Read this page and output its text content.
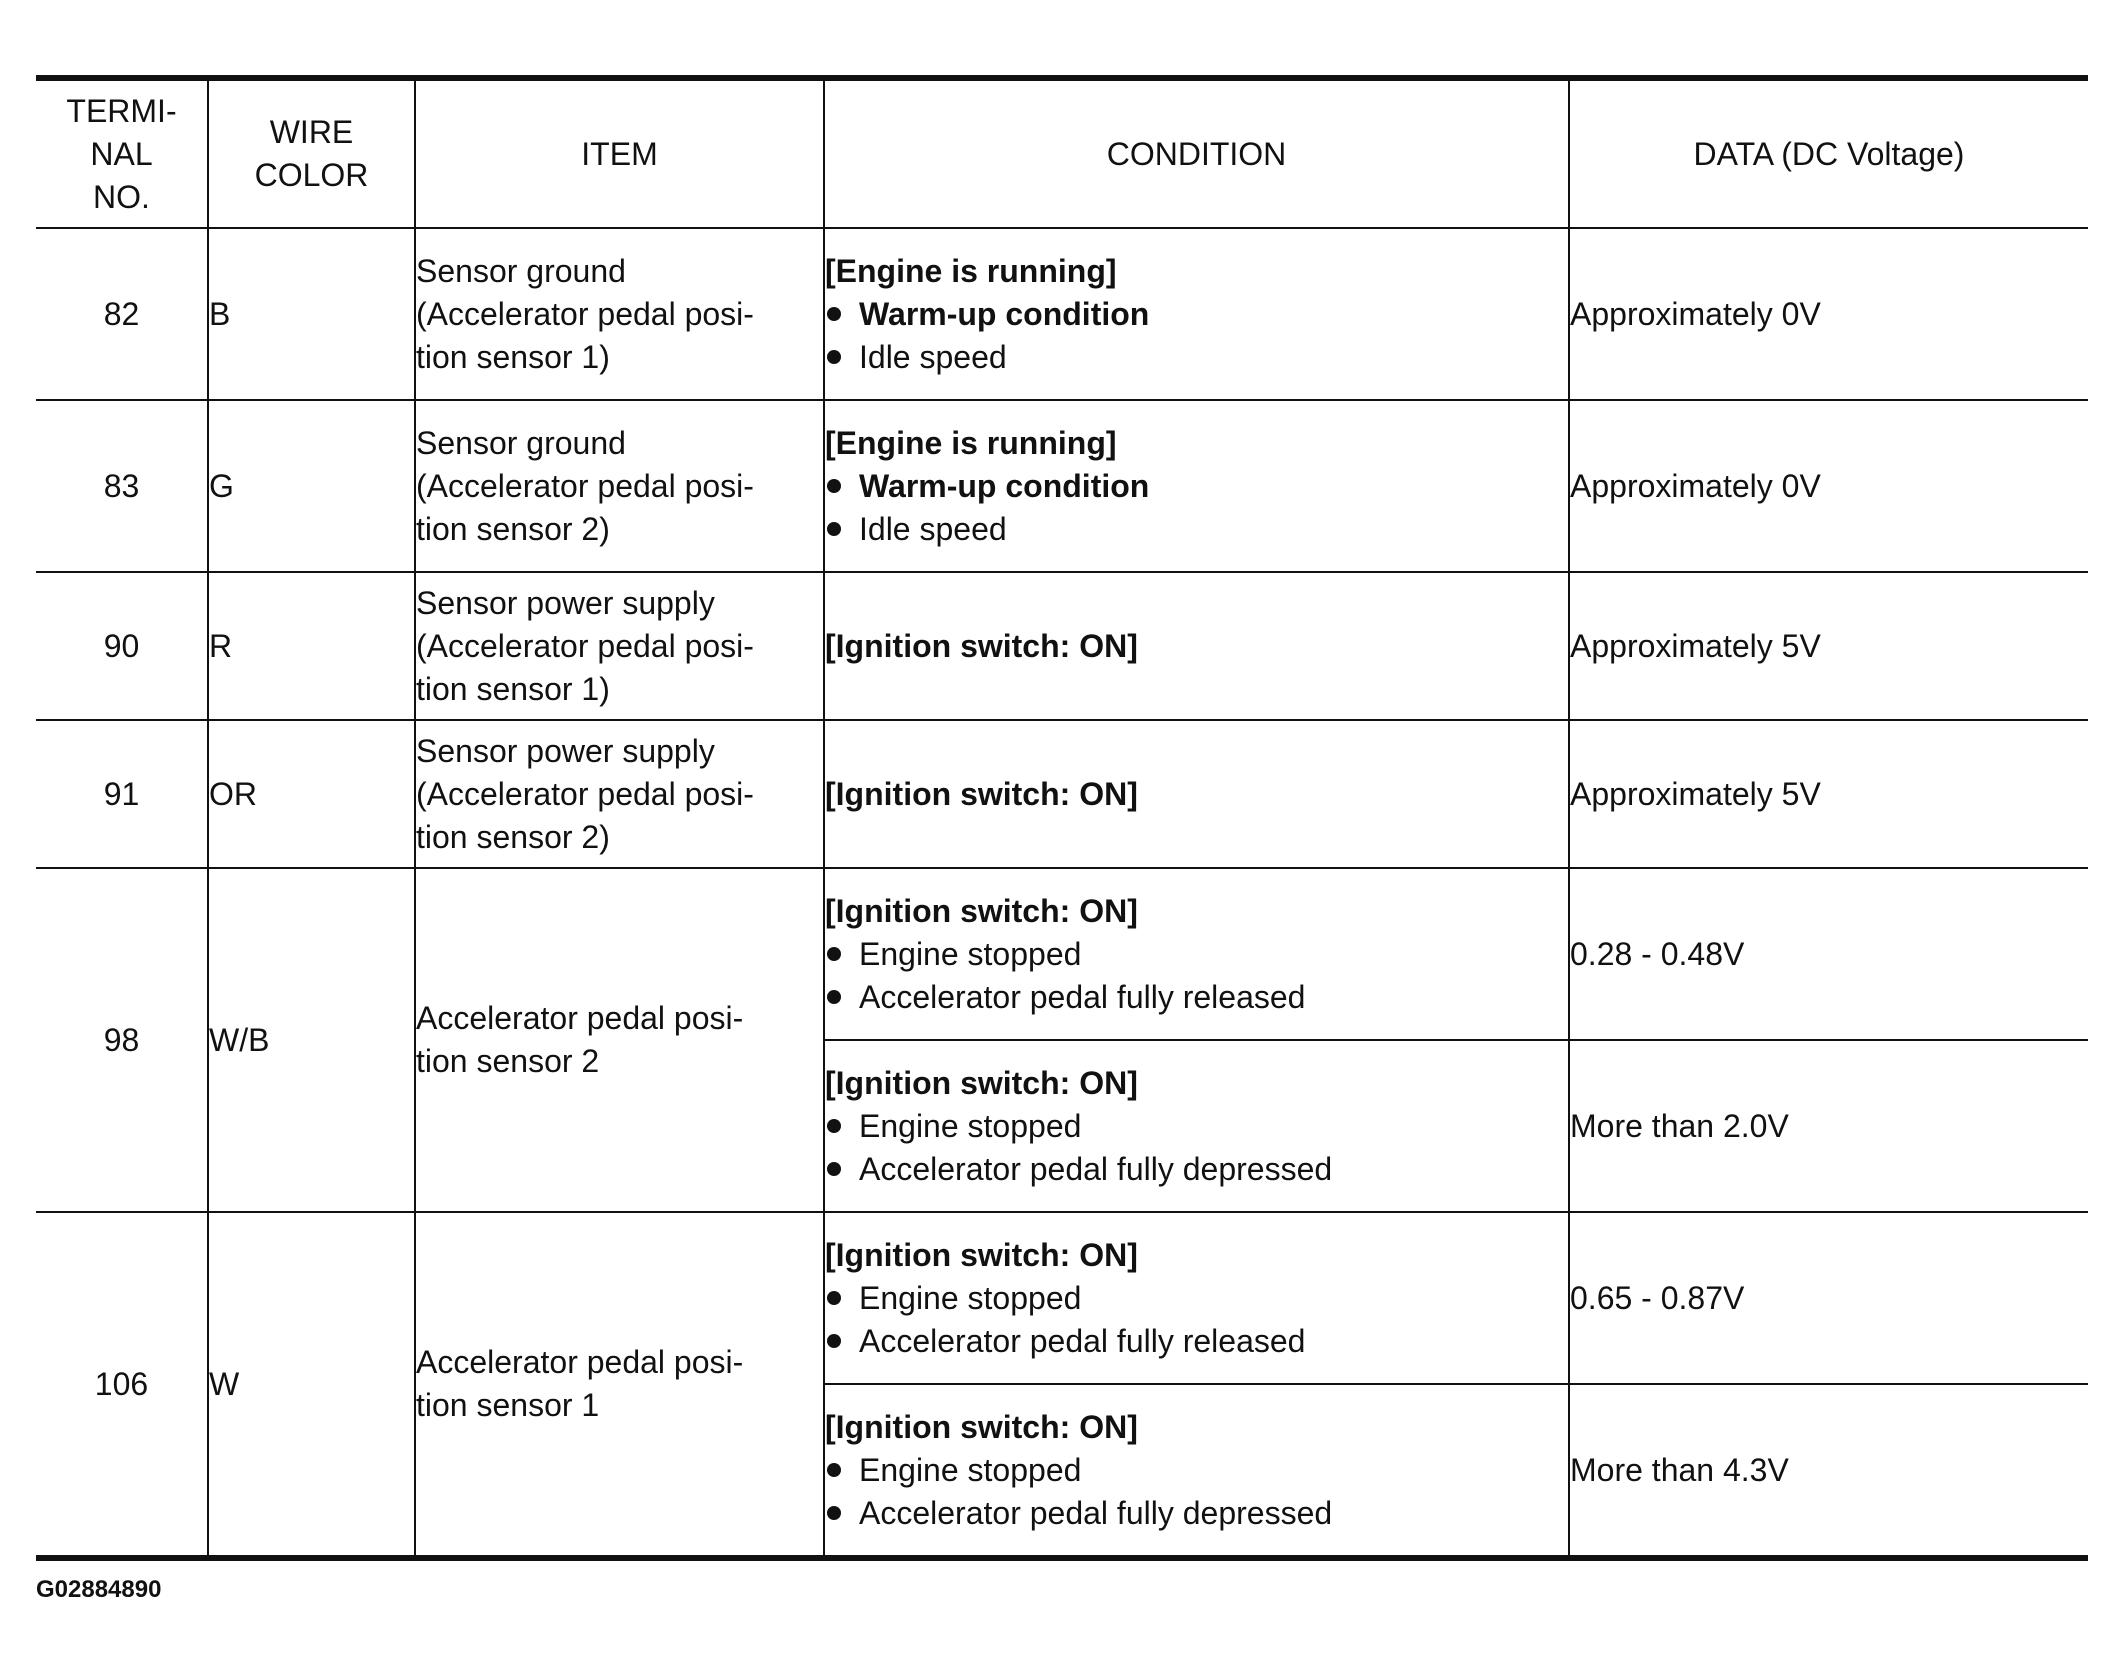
TERMI-
NAL
NO.	WIRE
COLOR	ITEM	CONDITION	DATA (DC Voltage)
82	B	Sensor ground
(Accelerator pedal posi-
tion sensor 1)	[Engine is running]
Warm-up condition
Idle speed	Approximately 0V
83	G	Sensor ground
(Accelerator pedal posi-
tion sensor 2)	[Engine is running]
Warm-up condition
Idle speed	Approximately 0V
90	R	Sensor power supply
(Accelerator pedal posi-
tion sensor 1)	[Ignition switch: ON]	Approximately 5V
91	OR	Sensor power supply
(Accelerator pedal posi-
tion sensor 2)	[Ignition switch: ON]	Approximately 5V
98	W/B	Accelerator pedal posi-
tion sensor 2	[Ignition switch: ON]
Engine stopped
Accelerator pedal fully released	0.28 - 0.48V

			[Ignition switch: ON]
Engine stopped
Accelerator pedal fully depressed	More than 2.0V
106	W	Accelerator pedal posi-
tion sensor 1	[Ignition switch: ON]
Engine stopped
Accelerator pedal fully released	0.65 - 0.87V

			[Ignition switch: ON]
Engine stopped
Accelerator pedal fully depressed	More than 4.3V
G02884890
